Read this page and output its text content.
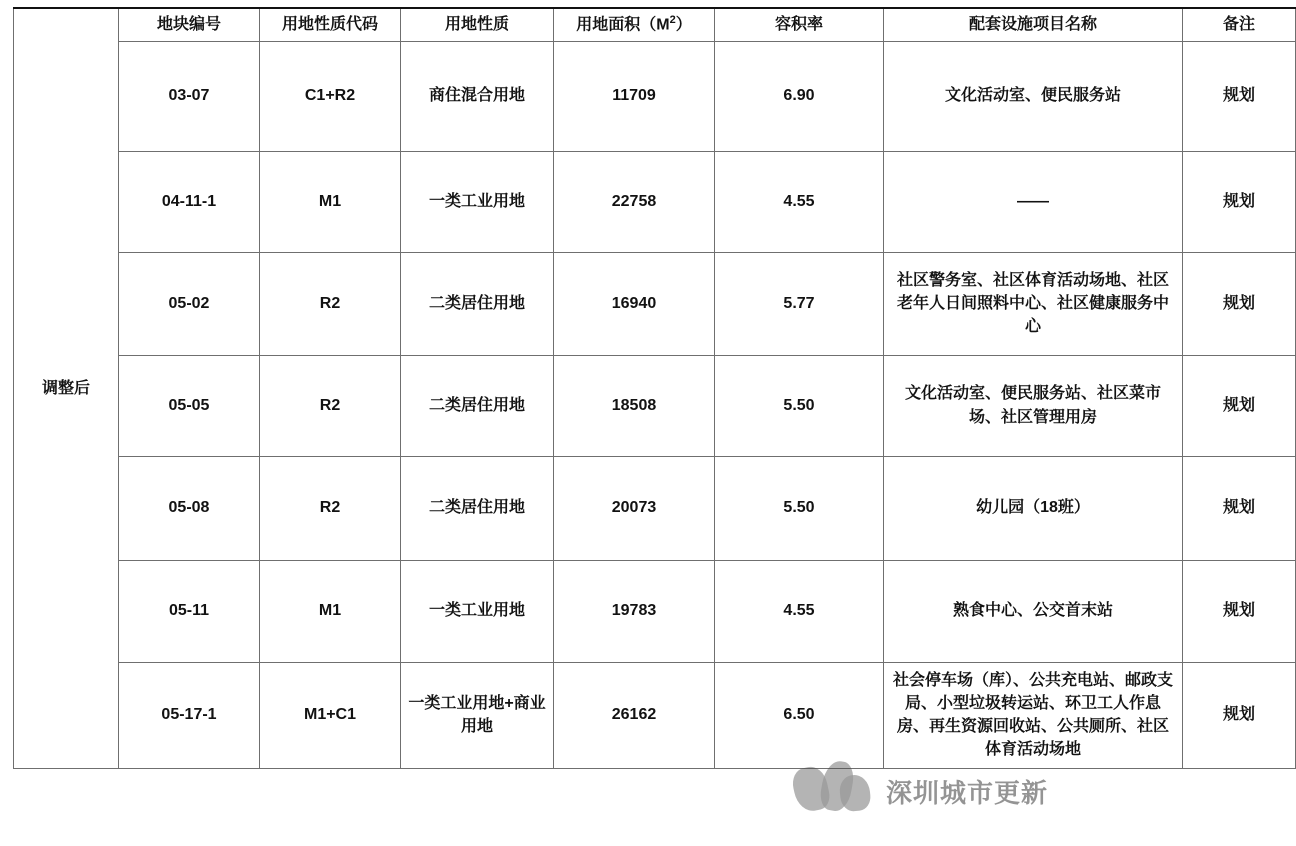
调整后	地块编号	用地性质代码	用地性质	用地面积$(M^2)$	容积率	配套设施项目名称	备注
	03-07	C1+R2	商住混合用地	11709	6.90	文化活动室、便民服务站	规划
	04-11-1	M1	一类工业用地	22758	4.55	——	规划
	05-02	R2	二类居住用地	16940	5.77	社区警务室、社区体育活动场地、社区老年人日间照料中心、社区健康服务中心	规划
	05-05	R2	二类居住用地	18508	5.50	文化活动室、便民服务站、社区菜市场、社区管理用房	规划
	05-08	R2	二类居住用地	20073	5.50	幼儿园（18班）	规划
	05-11	M1	一类工业用地	19783	4.55	熟食中心、公交首末站	规划
	05-17-1	M1+C1	一类工业用地+商业用地	26162	6.50	社会停车场（库）、公共充电站、邮政支局、小型垃圾转运站、环卫工人作息房、再生资源回收站、公共厕所、社区体育活动场地	规划
深圳城市更新
